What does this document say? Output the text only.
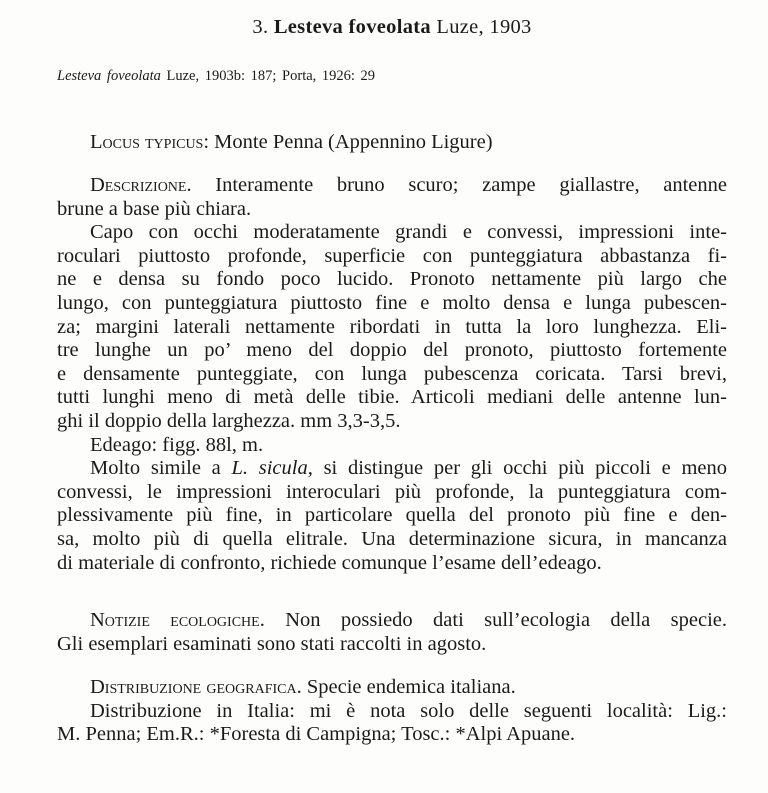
3. Lesteva foveolata Luze, 1903
Lesteva foveolata Luze, 1903b: 187; Porta, 1926: 29
Locus typicus: Monte Penna (Appennino Ligure)
Descrizione. Interamente bruno scuro; zampe giallastre, antenne
brune a base più chiara.
Capo con occhi moderatamente grandi e convessi, impressioni inte-
roculari piuttosto profonde, superficie con punteggiatura abbastanza fi-
ne e densa su fondo poco lucido. Pronoto nettamente più largo che
lungo, con punteggiatura piuttosto fine e molto densa e lunga pubescen-
za; margini laterali nettamente ribordati in tutta la loro lunghezza. Eli-
tre lunghe un po’ meno del doppio del pronoto, piuttosto fortemente
e densamente punteggiate, con lunga pubescenza coricata. Tarsi brevi,
tutti lunghi meno di metà delle tibie. Articoli mediani delle antenne lun-
ghi il doppio della larghezza. mm 3,3-3,5.
Edeago: figg. 88l, m.
Molto simile a L. sicula, si distingue per gli occhi più piccoli e meno
convessi, le impressioni interoculari più profonde, la punteggiatura com-
plessivamente più fine, in particolare quella del pronoto più fine e den-
sa, molto più di quella elitrale. Una determinazione sicura, in mancanza
di materiale di confronto, richiede comunque l’esame dell’edeago.
Notizie ecologiche. Non possiedo dati sull’ecologia della specie.
Gli esemplari esaminati sono stati raccolti in agosto.
Distribuzione geografica. Specie endemica italiana.
Distribuzione in Italia: mi è nota solo delle seguenti località: Lig.:
M. Penna; Em.R.: *Foresta di Campigna; Tosc.: *Alpi Apuane.
